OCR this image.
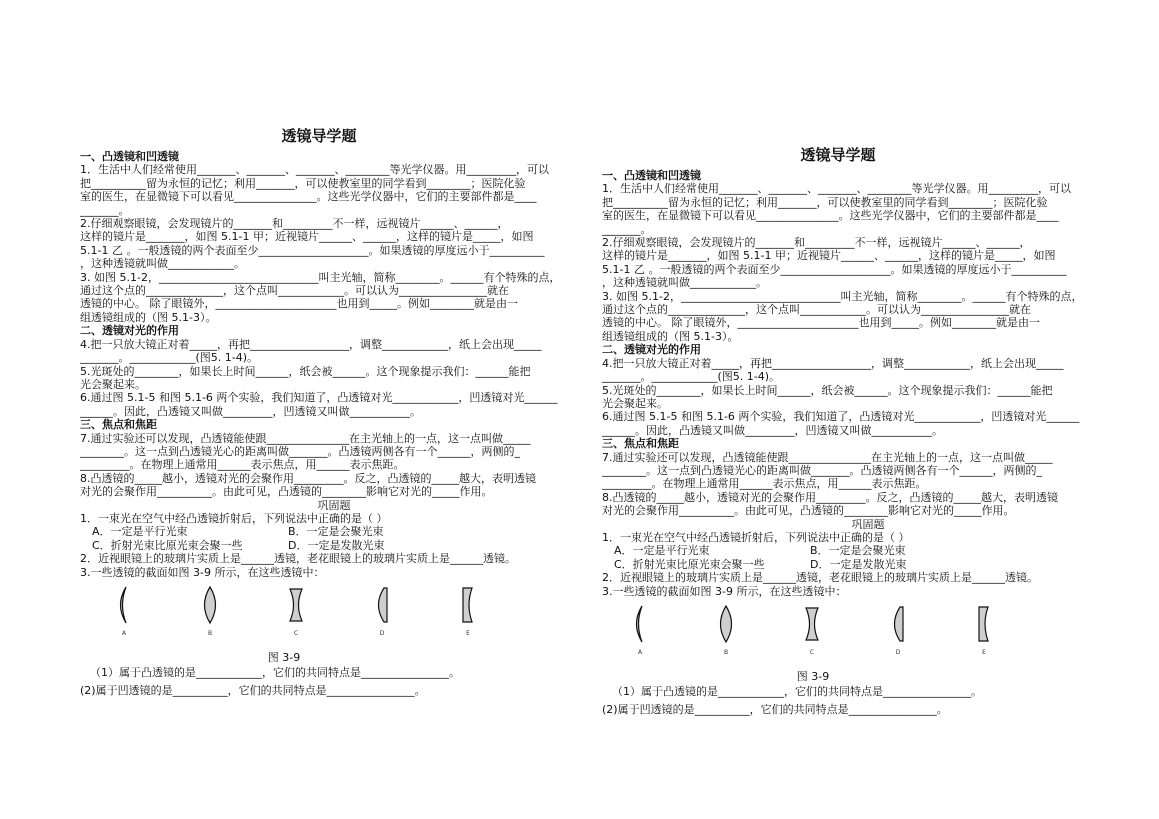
透镜导学题
一、凸透镜和凹透镜
1．生活中人们经常使用_______、_______、_______、________等光学仪器。用_________，可以
把__________留为永恒的记忆；利用_______，可以使教室里的同学看到________；医院化验
室的医生，在显微镜下可以看见_______________。这些光学仪器中，它们的主要部件都是____
_______。
2.仔细观察眼镜，会发现镜片的_______和_________不一样，远视镜片______、______，
这样的镜片是_______，如图 5.1-1 甲；近视镜片______、______，这样的镜片是_____，如图
5.1-1 乙 。一般透镜的两个表面至少____________________。如果透镜的厚度远小于__________
，这种透镜就叫做____________。
3. 如图 5.1-2，_____________________________叫主光轴，简称________。______有个特殊的点，
通过这个点的______________，这个点叫____________。可以认为________________就在
透镜的中心。 除了眼镜外，______________________也用到_____。例如________就是由一
组透镜组成的（图 5.1-3）。
二、透镜对光的作用
4.把一只放大镜正对着_____，再把__________________，调整____________，纸上会出现_____
_______。____________(图5. 1-4)。
5.光斑处的________，如果长上时间______，纸会被______。这个现象提示我们：______能把
光会聚起来。
6.通过图 5.1-5 和图 5.1-6 两个实验，我们知道了，凸透镜对光____________，凹透镜对光______
______。因此，凸透镜又叫做_________，凹透镜又叫做___________。
三、焦点和焦距
7.通过实验还可以发现，凸透镜能使跟_______________在主光轴上的一点，这一点叫做_____
________。这一点到凸透镜光心的距离叫做_______。凸透镜两侧各有一个______，两侧的_
_________。在物理上通常用______表示焦点，用______表示焦距。
8.凸透镜的_____越小，透镜对光的会聚作用_________。反之，凸透镜的_____越大，表明透镜
对光的会聚作用__________。由此可见，凸透镜的________影响它对光的_____作用。
巩固题
1．一束光在空气中经凸透镜折射后，下列说法中正确的是（ ）
A．一定是平行光束	B．一定是会聚光束
C．折射光束比原光束会聚一些	D．一定是发散光束
2．近视眼镜上的玻璃片实质上是______透镜，老花眼镜上的玻璃片实质上是______透镜。
3.一些透镜的截面如图 3-9 所示，在这些透镜中：
A	B	C	D	E
图 3-9
（1）属于凸透镜的是____________，它们的共同特点是________________。
(2)属于凹透镜的是__________，它们的共同特点是________________。
透镜导学题
一、凸透镜和凹透镜
1．生活中人们经常使用_______、_______、_______、________等光学仪器。用_________，可以
把__________留为永恒的记忆；利用_______，可以使教室里的同学看到________；医院化验
室的医生，在显微镜下可以看见_______________。这些光学仪器中，它们的主要部件都是____
_______。
2.仔细观察眼镜，会发现镜片的_______和_________不一样，远视镜片______、______，
这样的镜片是_______，如图 5.1-1 甲；近视镜片______、______，这样的镜片是_____，如图
5.1-1 乙 。一般透镜的两个表面至少____________________。如果透镜的厚度远小于__________
，这种透镜就叫做____________。
3. 如图 5.1-2，_____________________________叫主光轴，简称________。______有个特殊的点，
通过这个点的______________，这个点叫____________。可以认为________________就在
透镜的中心。 除了眼镜外，______________________也用到_____。例如________就是由一
组透镜组成的（图 5.1-3）。
二、透镜对光的作用
4.把一只放大镜正对着_____，再把__________________，调整____________，纸上会出现_____
_______。____________(图5. 1-4)。
5.光斑处的________，如果长上时间______，纸会被______。这个现象提示我们：______能把
光会聚起来。
6.通过图 5.1-5 和图 5.1-6 两个实验，我们知道了，凸透镜对光____________，凹透镜对光______
______。因此，凸透镜又叫做_________，凹透镜又叫做___________。
三、焦点和焦距
7.通过实验还可以发现，凸透镜能使跟_______________在主光轴上的一点，这一点叫做_____
________。这一点到凸透镜光心的距离叫做_______。凸透镜两侧各有一个______，两侧的_
_________。在物理上通常用______表示焦点，用______表示焦距。
8.凸透镜的_____越小，透镜对光的会聚作用_________。反之，凸透镜的_____越大，表明透镜
对光的会聚作用__________。由此可见，凸透镜的________影响它对光的_____作用。
巩固题
1．一束光在空气中经凸透镜折射后，下列说法中正确的是（ ）
A．一定是平行光束	B．一定是会聚光束
C．折射光束比原光束会聚一些	D．一定是发散光束
2．近视眼镜上的玻璃片实质上是______透镜，老花眼镜上的玻璃片实质上是______透镜。
3.一些透镜的截面如图 3-9 所示，在这些透镜中：
A	B	C	D	E
图 3-9
（1）属于凸透镜的是____________，它们的共同特点是________________。
(2)属于凹透镜的是__________，它们的共同特点是________________。
